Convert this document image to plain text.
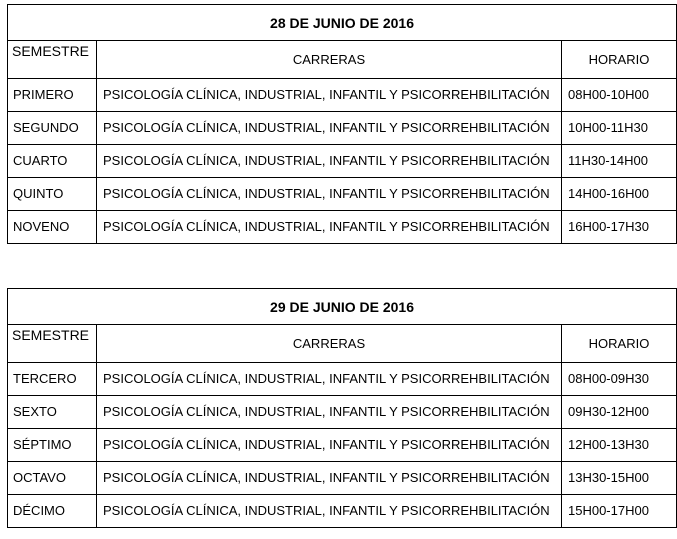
28 DE JUNIO DE 2016		
SEMESTRE	CARRERAS	HORARIO
PRIMERO	PSICOLOGÍA CLÍNICA, INDUSTRIAL, INFANTIL Y PSICORREHBILITACIÓN	08H00-10H00
SEGUNDO	PSICOLOGÍA CLÍNICA, INDUSTRIAL, INFANTIL Y PSICORREHBILITACIÓN	10H00-11H30
CUARTO	PSICOLOGÍA CLÍNICA, INDUSTRIAL, INFANTIL Y PSICORREHBILITACIÓN	11H30-14H00
QUINTO	PSICOLOGÍA CLÍNICA, INDUSTRIAL, INFANTIL Y PSICORREHBILITACIÓN	14H00-16H00
NOVENO	PSICOLOGÍA CLÍNICA, INDUSTRIAL, INFANTIL Y PSICORREHBILITACIÓN	16H00-17H30
29 DE JUNIO DE 2016		
SEMESTRE	CARRERAS	HORARIO
TERCERO	PSICOLOGÍA CLÍNICA, INDUSTRIAL, INFANTIL Y PSICORREHBILITACIÓN	08H00-09H30
SEXTO	PSICOLOGÍA CLÍNICA, INDUSTRIAL, INFANTIL Y PSICORREHBILITACIÓN	09H30-12H00
SÉPTIMO	PSICOLOGÍA CLÍNICA, INDUSTRIAL, INFANTIL Y PSICORREHBILITACIÓN	12H00-13H30
OCTAVO	PSICOLOGÍA CLÍNICA, INDUSTRIAL, INFANTIL Y PSICORREHBILITACIÓN	13H30-15H00
DÉCIMO	PSICOLOGÍA CLÍNICA, INDUSTRIAL, INFANTIL Y PSICORREHBILITACIÓN	15H00-17H00
